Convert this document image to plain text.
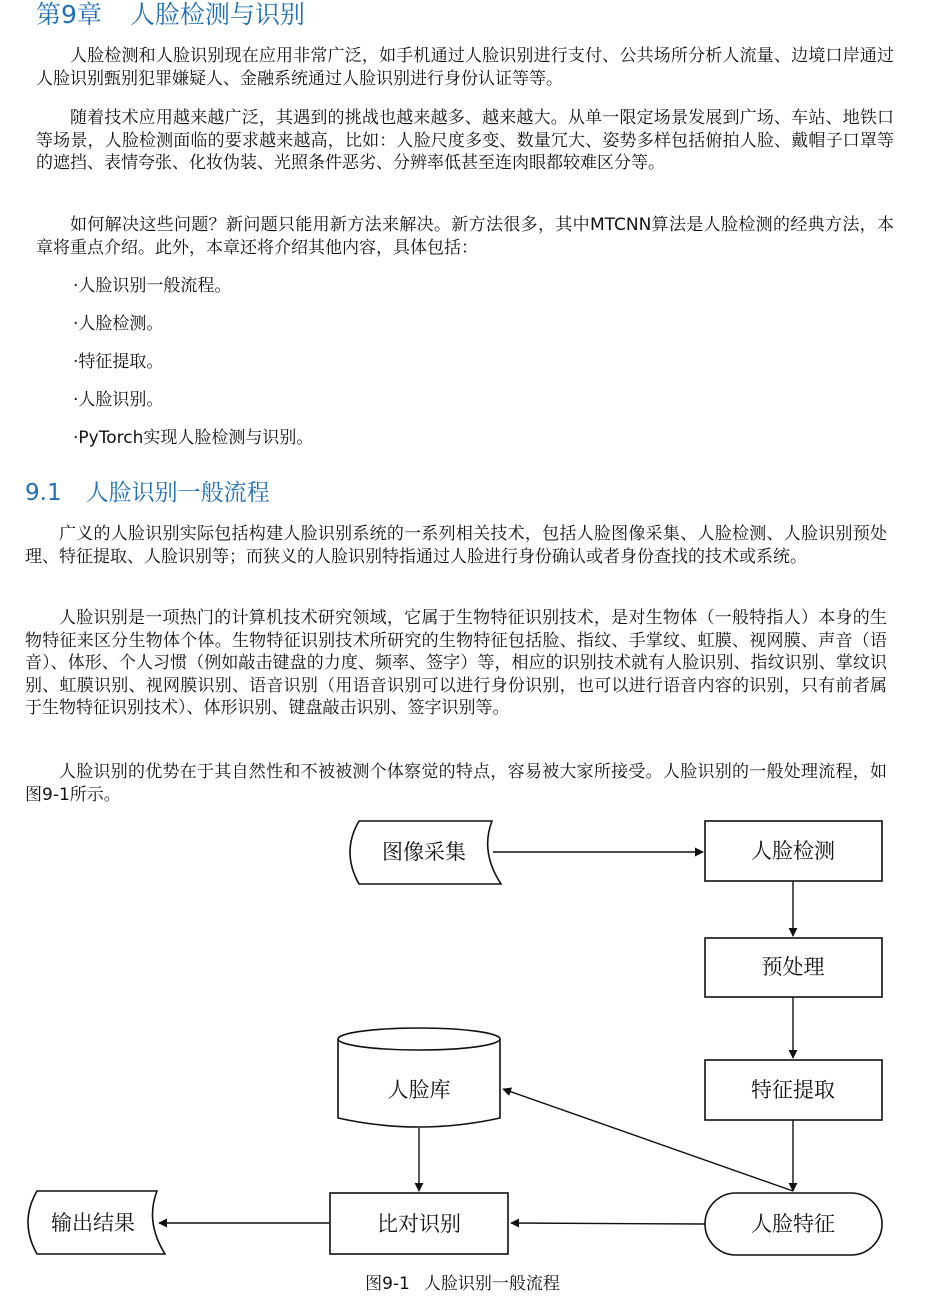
第9章 人脸检测与识别

人脸检测和人脸识别现在应用非常广泛，如手机通过人脸识别进行支付、公共场所分析人流量、边境口岸通过人脸识别甄别犯罪嫌疑人、金融系统通过人脸识别进行身份认证等等。

随着技术应用越来越广泛，其遇到的挑战也越来越多、越来越大。从单一限定场景发展到广场、车站、地铁口等场景，人脸检测面临的要求越来越高，比如：人脸尺度多变、数量冗大、姿势多样包括俯拍人脸、戴帽子口罩等的遮挡、表情夸张、化妆伪装、光照条件恶劣、分辨率低甚至连肉眼都较难区分等。

如何解决这些问题？新问题只能用新方法来解决。新方法很多，其中MTCNN算法是人脸检测的经典方法，本章将重点介绍。此外，本章还将介绍其他内容，具体包括：

·人脸识别一般流程。
·人脸检测。
·特征提取。
·人脸识别。
·PyTorch实现人脸检测与识别。
9.1 人脸识别一般流程

广义的人脸识别实际包括构建人脸识别系统的一系列相关技术，包括人脸图像采集、人脸检测、人脸识别预处理、特征提取、人脸识别等；而狭义的人脸识别特指通过人脸进行身份确认或者身份查找的技术或系统。

人脸识别是一项热门的计算机技术研究领域，它属于生物特征识别技术，是对生物体（一般特指人）本身的生物特征来区分生物体个体。生物特征识别技术所研究的生物特征包括脸、指纹、手掌纹、虹膜、视网膜、声音（语音）、体形、个人习惯（例如敲击键盘的力度、频率、签字）等，相应的识别技术就有人脸识别、指纹识别、掌纹识别、虹膜识别、视网膜识别、语音识别（用语音识别可以进行身份识别，也可以进行语音内容的识别，只有前者属于生物特征识别技术）、体形识别、键盘敲击识别、签字识别等。

人脸识别的优势在于其自然性和不被被测个体察觉的特点，容易被大家所接受。人脸识别的一般处理流程，如图9-1所示。

图像采集	人脸检测
预处理
特征提取
人脸库
人脸特征
比对识别
输出结果
图9-1 人脸识别一般流程
